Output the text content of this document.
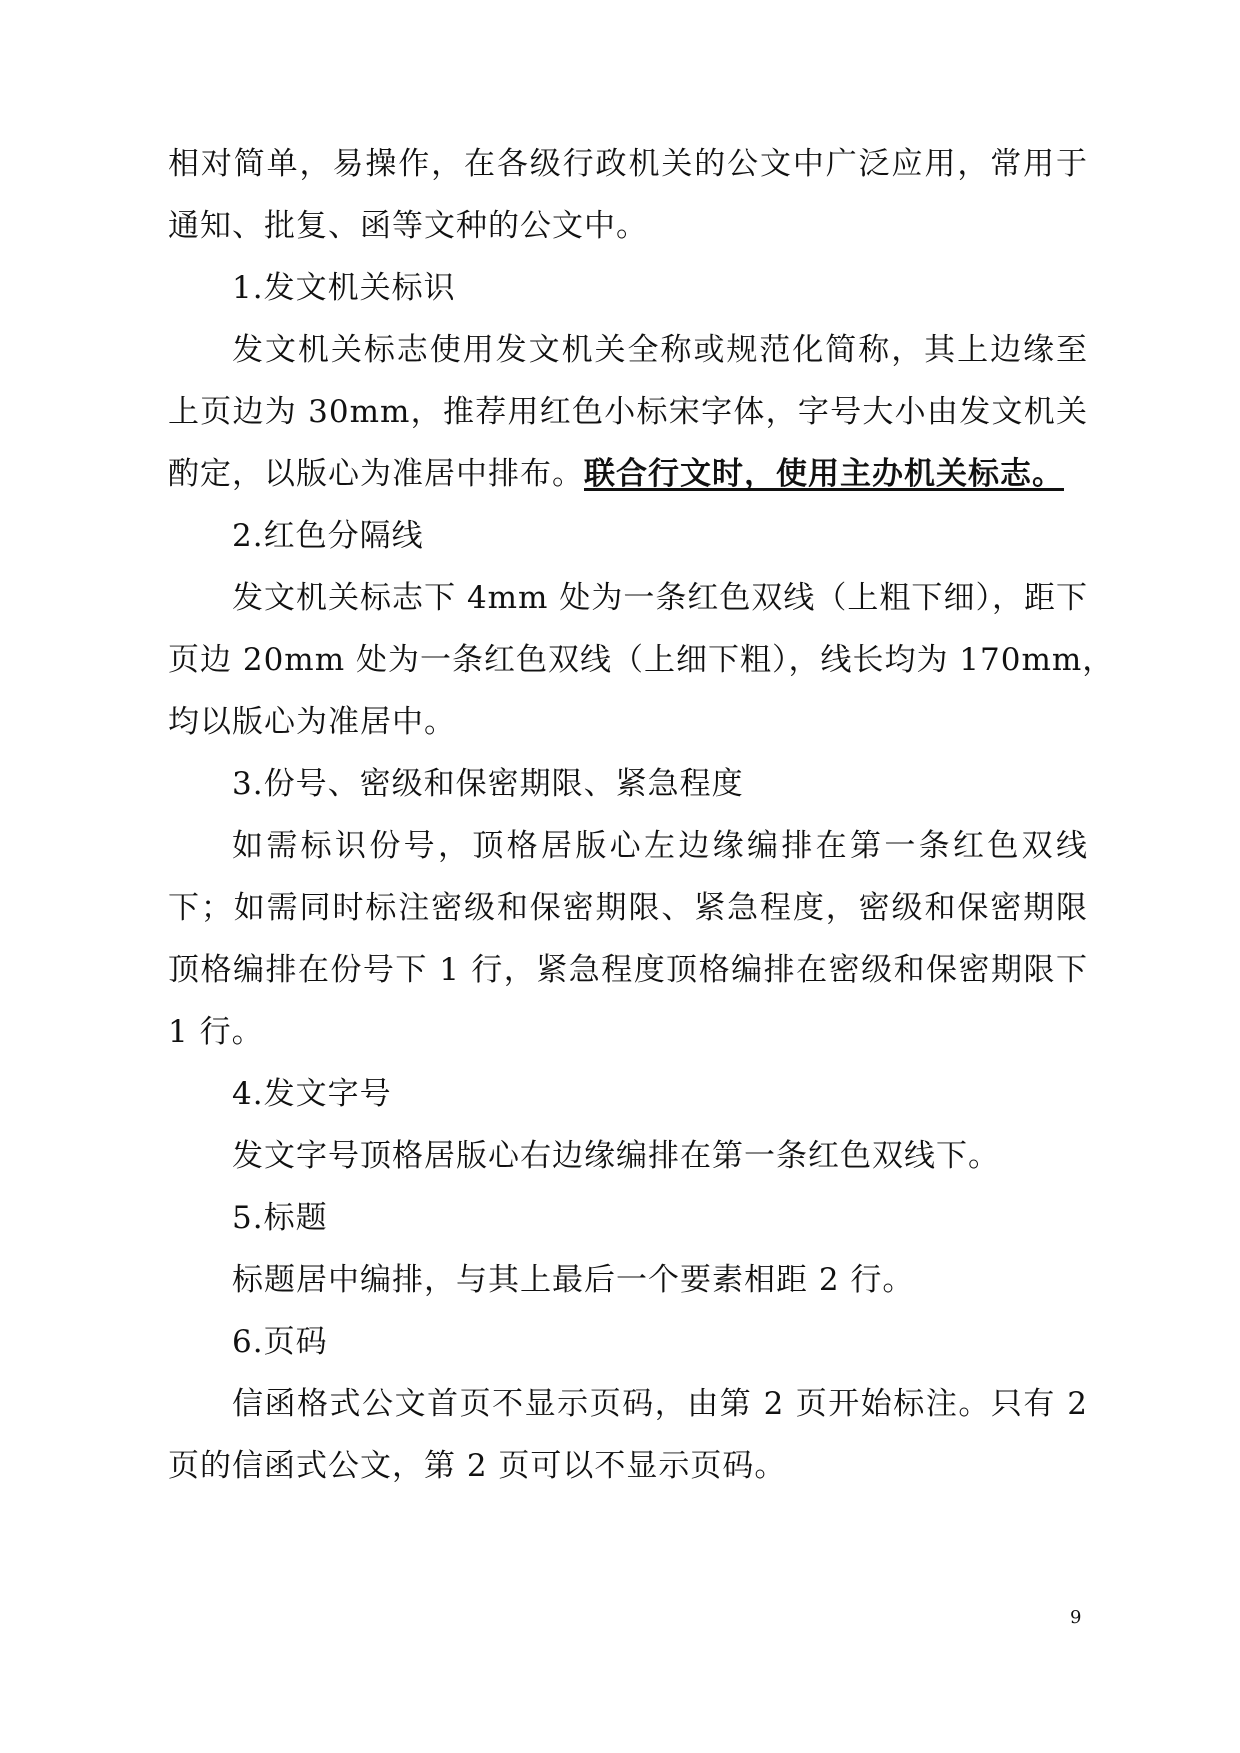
相对简单，易操作，在各级行政机关的公文中广泛应用，常用于
通知、批复、函等文种的公文中。
1.发文机关标识
发文机关标志使用发文机关全称或规范化简称，其上边缘至
上页边为 30mm，推荐用红色小标宋字体，字号大小由发文机关
酌定，以版心为准居中排布。联合行文时，使用主办机关标志。
2.红色分隔线
发文机关标志下 4mm 处为一条红色双线（上粗下细），距下
页边 20mm 处为一条红色双线（上细下粗），线长均为 170mm，
均以版心为准居中。
3.份号、密级和保密期限、紧急程度
如需标识份号，顶格居版心左边缘编排在第一条红色双线
下；如需同时标注密级和保密期限、紧急程度，密级和保密期限
顶格编排在份号下 1 行，紧急程度顶格编排在密级和保密期限下
1 行。
4.发文字号
发文字号顶格居版心右边缘编排在第一条红色双线下。
5.标题
标题居中编排，与其上最后一个要素相距 2 行。
6.页码
信函格式公文首页不显示页码，由第 2 页开始标注。只有 2
页的信函式公文，第 2 页可以不显示页码。
9
